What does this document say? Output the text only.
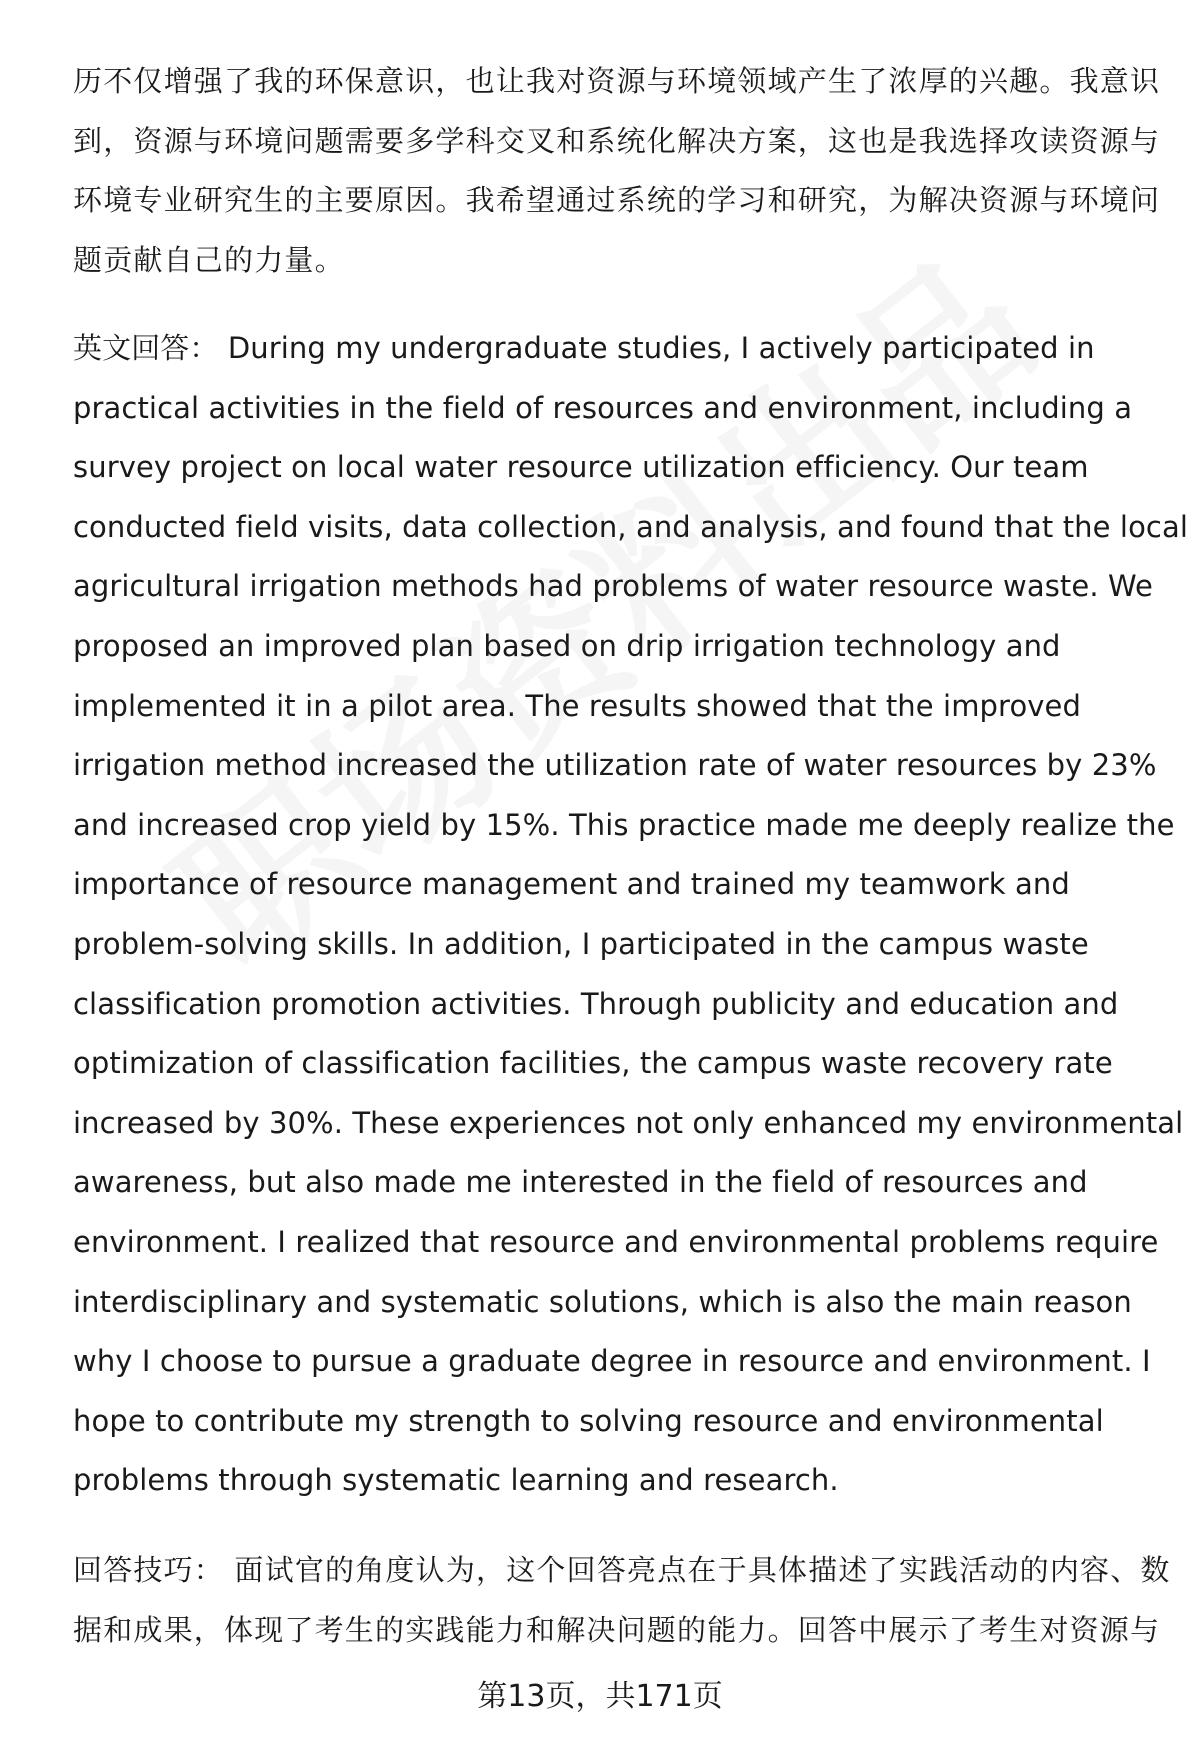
历不仅增强了我的环保意识，也让我对资源与环境领域产生了浓厚的兴趣。我意识
到，资源与环境问题需要多学科交叉和系统化解决方案，这也是我选择攻读资源与
环境专业研究生的主要原因。我希望通过系统的学习和研究，为解决资源与环境问
题贡献自己的力量。
英文回答： During my undergraduate studies, I actively participated in
practical activities in the field of resources and environment, including a
survey project on local water resource utilization efficiency. Our team
conducted field visits, data collection, and analysis, and found that the local
agricultural irrigation methods had problems of water resource waste. We
proposed an improved plan based on drip irrigation technology and
implemented it in a pilot area. The results showed that the improved
irrigation method increased the utilization rate of water resources by 23%
and increased crop yield by 15%. This practice made me deeply realize the
importance of resource management and trained my teamwork and
problem-solving skills. In addition, I participated in the campus waste
classification promotion activities. Through publicity and education and
optimization of classification facilities, the campus waste recovery rate
increased by 30%. These experiences not only enhanced my environmental
awareness, but also made me interested in the field of resources and
environment. I realized that resource and environmental problems require
interdisciplinary and systematic solutions, which is also the main reason
why I choose to pursue a graduate degree in resource and environment. I
hope to contribute my strength to solving resource and environmental
problems through systematic learning and research.
回答技巧： 面试官的角度认为，这个回答亮点在于具体描述了实践活动的内容、数
据和成果，体现了考生的实践能力和解决问题的能力。回答中展示了考生对资源与
第13页，共171页
